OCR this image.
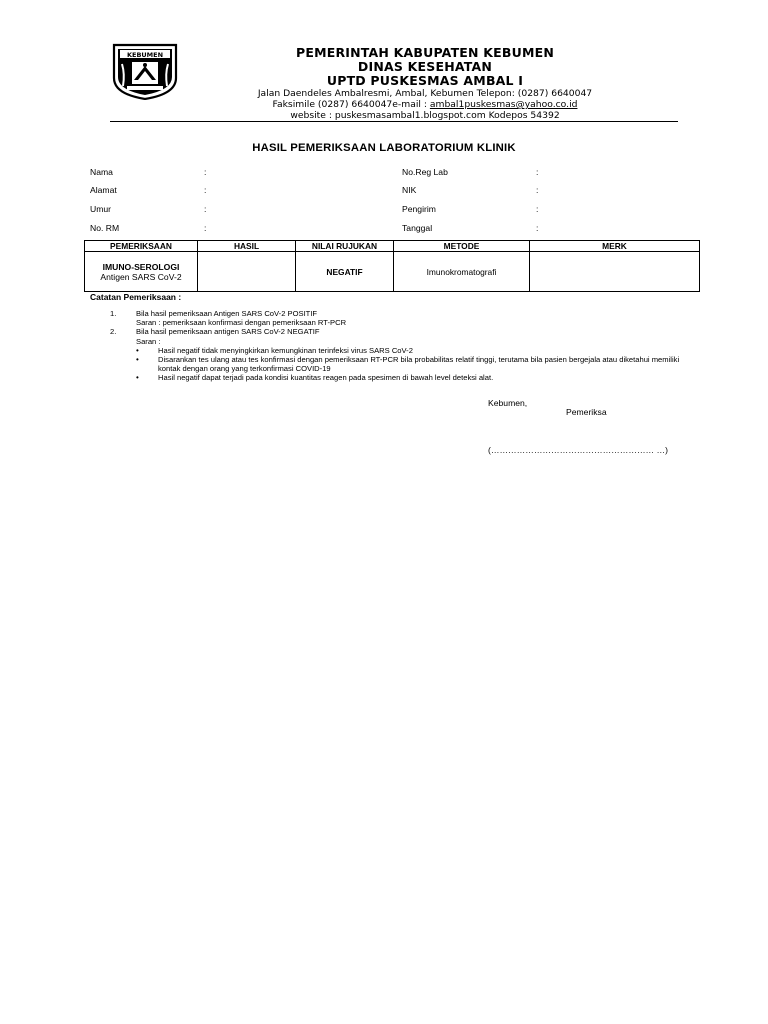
KEBUMEN	PEMERINTAH KABUPATEN KEBUMEN
DINAS KESEHATAN
UPTD PUSKESMAS AMBAL I
Jalan Daendeles Ambalresmi, Ambal, Kebumen Telepon: (0287) 6640047
Faksimile (0287) 6640047e-mail : ambal1puskesmas@yahoo.co.id
website : puskesmasambal1.blogspot.com Kodepos 54392
HASIL PEMERIKSAAN LABORATORIUM KLINIK
Nama	:	No.Reg Lab	:
Alamat	:	NIK	:
Umur	:	Pengirim	:
No. RM	:	Tanggal	:
PEMERIKSAAN	HASIL	NILAI RUJUKAN	METODE	MERK

IMUNO-SEROLOGI
Antigen SARS CoV-2		NEGATIF	Imunokromatografi	
Catatan Pemeriksaan :
1.	Bila hasil pemeriksaan Antigen SARS CoV-2 POSITIF
Saran : pemeriksaan konfirmasi dengan pemeriksaan RT-PCR
2.	Bila hasil pemeriksaan antigen SARS CoV-2 NEGATIF
Saran :
•	Hasil negatif tidak menyingkirkan kemungkinan terinfeksi virus SARS CoV-2
•	Disarankan tes ulang atau tes konfirmasi dengan pemeriksaan RT-PCR bila probabilitas relatif tinggi, terutama bila pasien bergejala atau diketahui memiliki kontak dengan orang yang terkonfirmasi COVID-19
•	Hasil negatif dapat terjadi pada kondisi kuantitas reagen pada spesimen di bawah level deteksi alat.
Kebumen,
Pemeriksa
(………………………………………………… …)
